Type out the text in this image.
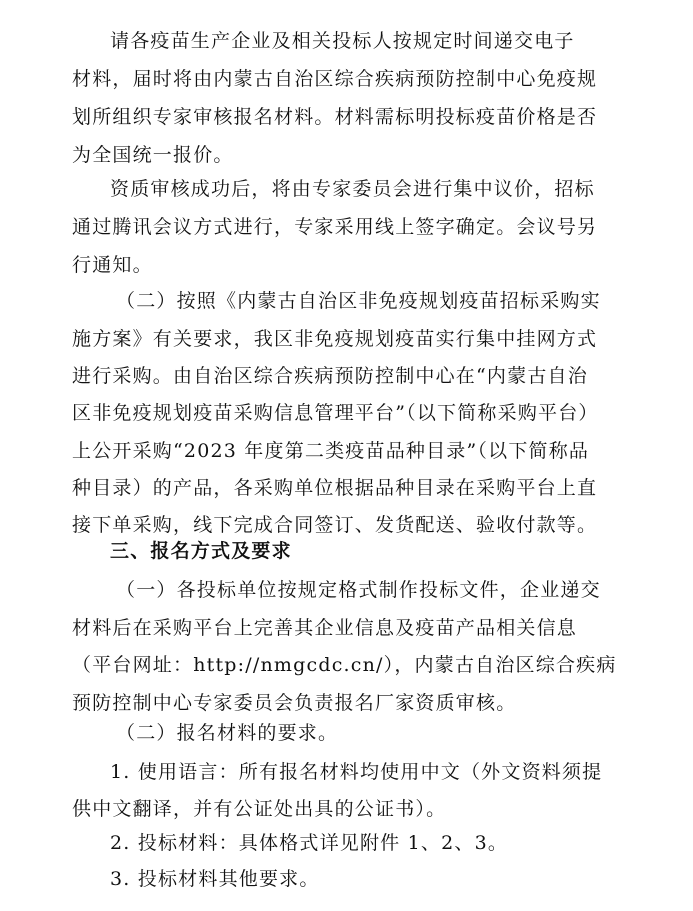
请各疫苗生产企业及相关投标人按规定时间递交电子
材料，届时将由内蒙古自治区综合疾病预防控制中心免疫规
划所组织专家审核报名材料。材料需标明投标疫苗价格是否
为全国统一报价。
资质审核成功后，将由专家委员会进行集中议价，招标
通过腾讯会议方式进行，专家采用线上签字确定。会议号另
行通知。
（二）按照《内蒙古自治区非免疫规划疫苗招标采购实
施方案》有关要求，我区非免疫规划疫苗实行集中挂网方式
进行采购。由自治区综合疾病预防控制中心在“内蒙古自治
区非免疫规划疫苗采购信息管理平台”（以下简称采购平台）
上公开采购“2023 年度第二类疫苗品种目录”（以下简称品
种目录）的产品，各采购单位根据品种目录在采购平台上直
接下单采购，线下完成合同签订、发货配送、验收付款等。
三、报名方式及要求
（一）各投标单位按规定格式制作投标文件，企业递交
材料后在采购平台上完善其企业信息及疫苗产品相关信息
（平台网址：http://nmgcdc.cn/），内蒙古自治区综合疾病
预防控制中心专家委员会负责报名厂家资质审核。
（二）报名材料的要求。
1. 使用语言：所有报名材料均使用中文（外文资料须提
供中文翻译，并有公证处出具的公证书）。
2. 投标材料：具体格式详见附件 1、2、3。
3. 投标材料其他要求。
